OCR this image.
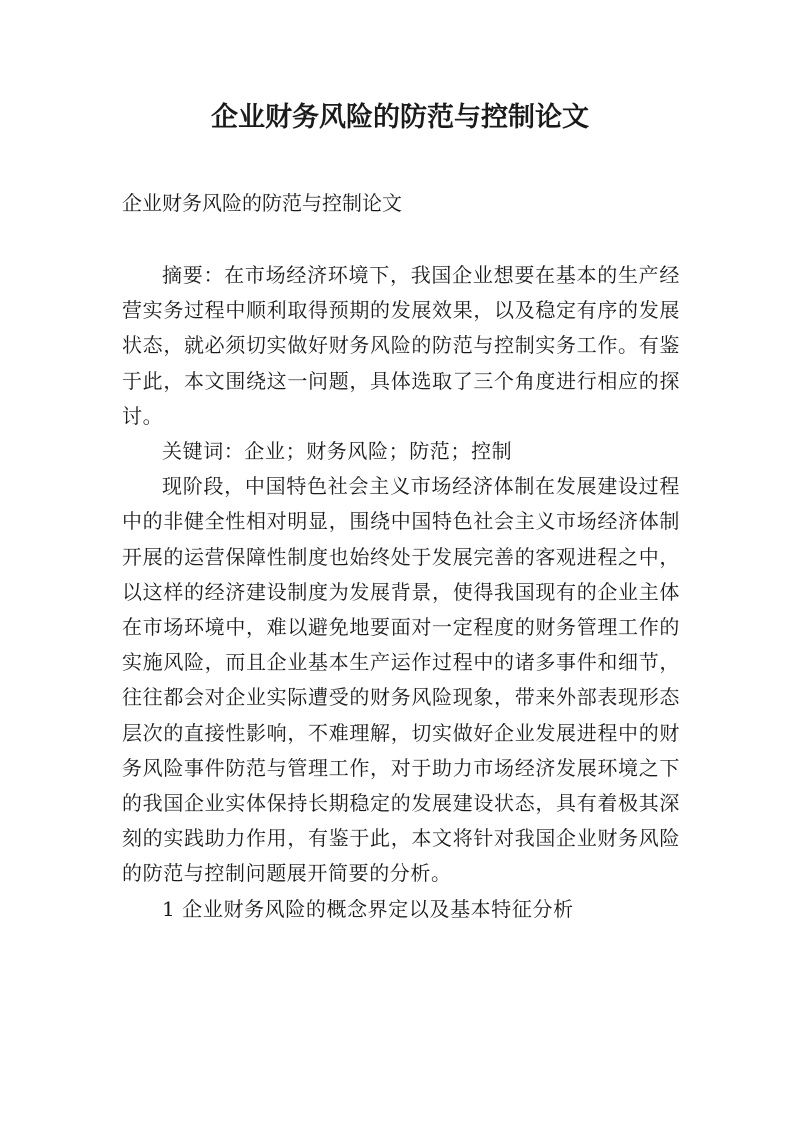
企业财务风险的防范与控制论文

企业财务风险的防范与控制论文

摘要：在市场经济环境下，我国企业想要在基本的生产经营实务过程中顺利取得预期的发展效果，以及稳定有序的发展状态，就必须切实做好财务风险的防范与控制实务工作。有鉴于此，本文围绕这一问题，具体选取了三个角度进行相应的探讨。

关键词：企业；财务风险；防范；控制

现阶段，中国特色社会主义市场经济体制在发展建设过程中的非健全性相对明显，围绕中国特色社会主义市场经济体制开展的运营保障性制度也始终处于发展完善的客观进程之中，以这样的经济建设制度为发展背景，使得我国现有的企业主体在市场环境中，难以避免地要面对一定程度的财务管理工作的实施风险，而且企业基本生产运作过程中的诸多事件和细节，往往都会对企业实际遭受的财务风险现象，带来外部表现形态层次的直接性影响，不难理解，切实做好企业发展进程中的财务风险事件防范与管理工作，对于助力市场经济发展环境之下的我国企业实体保持长期稳定的发展建设状态，具有着极其深刻的实践助力作用，有鉴于此，本文将针对我国企业财务风险的防范与控制问题展开简要的分析。

1 企业财务风险的概念界定以及基本特征分析
